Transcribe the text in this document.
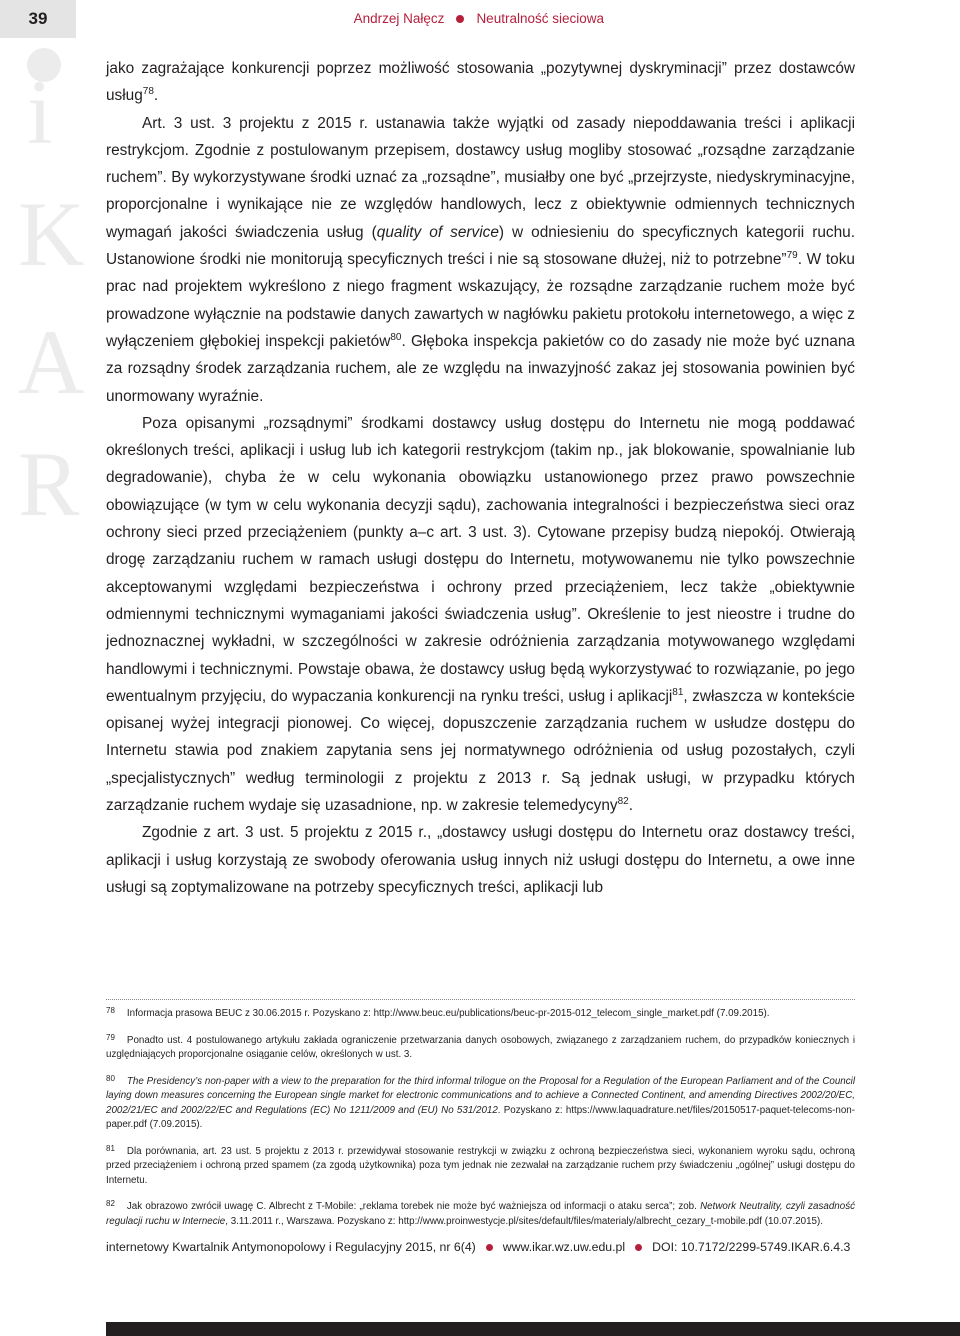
39	Andrzej Nałęcz Neutralność sieciowa
i
K
A
R

jako zagrażające konkurencji poprzez możliwość stosowania „pozytywnej dyskryminacji” przez dostawców usług$^{78}$.

Art. 3 ust. 3 projektu z 2015 r. ustanawia także wyjątki od zasady niepoddawania treści i aplikacji restrykcjom. Zgodnie z postulowanym przepisem, dostawcy usług mogliby stosować „rozsądne zarządzanie ruchem”. By wykorzystywane środki uznać za „rozsądne”, musiałby one być „przejrzyste, niedyskryminacyjne, proporcjonalne i wynikające nie ze względów handlowych, lecz z obiektywnie odmiennych technicznych wymagań jakości świadczenia usług (quality of service) w odniesieniu do specyficznych kategorii ruchu. Ustanowione środki nie monitorują specyficznych treści i nie są stosowane dłużej, niż to potrzebne”$^{79}$. W toku prac nad projektem wykreślono z niego fragment wskazujący, że rozsądne zarządzanie ruchem może być prowadzone wyłącznie na podstawie danych zawartych w nagłówku pakietu protokołu internetowego, a więc z wyłączeniem głębokiej inspekcji pakietów$^{80}$. Głęboka inspekcja pakietów co do zasady nie może być uznana za rozsądny środek zarządzania ruchem, ale ze względu na inwazyjność zakaz jej stosowania powinien być unormowany wyraźnie.

Poza opisanymi „rozsądnymi” środkami dostawcy usług dostępu do Internetu nie mogą poddawać określonych treści, aplikacji i usług lub ich kategorii restrykcjom (takim np., jak blokowanie, spowalnianie lub degradowanie), chyba że w celu wykonania obowiązku ustanowionego przez prawo powszechnie obowiązujące (w tym w celu wykonania decyzji sądu), zachowania integralności i bezpieczeństwa sieci oraz ochrony sieci przed przeciążeniem (punkty a–c art. 3 ust. 3). Cytowane przepisy budzą niepokój. Otwierają drogę zarządzaniu ruchem w ramach usługi dostępu do Internetu, motywowanemu nie tylko powszechnie akceptowanymi względami bezpieczeństwa i ochrony przed przeciążeniem, lecz także „obiektywnie odmiennymi technicznymi wymaganiami jakości świadczenia usług”. Określenie to jest nieostre i trudne do jednoznacznej wykładni, w szczególności w zakresie odróżnienia zarządzania motywowanego względami handlowymi i technicznymi. Powstaje obawa, że dostawcy usług będą wykorzystywać to rozwiązanie, po jego ewentualnym przyjęciu, do wypaczania konkurencji na rynku treści, usług i aplikacji$^{81}$, zwłaszcza w kontekście opisanej wyżej integracji pionowej. Co więcej, dopuszczenie zarządzania ruchem w usłudze dostępu do Internetu stawia pod znakiem zapytania sens jej normatywnego odróżnienia od usług pozostałych, czyli „specjalistycznych” według terminologii z projektu z 2013 r. Są jednak usługi, w przypadku których zarządzanie ruchem wydaje się uzasadnione, np. w zakresie telemedycyny$^{82}$.

Zgodnie z art. 3 ust. 5 projektu z 2015 r., „dostawcy usługi dostępu do Internetu oraz dostawcy treści, aplikacji i usług korzystają ze swobody oferowania usług innych niż usługi dostępu do Internetu, a owe inne usługi są zoptymalizowane na potrzeby specyficznych treści, aplikacji lub

78 Informacja prasowa BEUC z 30.06.2015 r. Pozyskano z: http://www.beuc.eu/publications/beuc-pr-2015-012_telecom_single_market.pdf (7.09.2015).

79 Ponadto ust. 4 postulowanego artykułu zakłada ograniczenie przetwarzania danych osobowych, związanego z zarządzaniem ruchem, do przypadków koniecznych i uzględniających proporcjonalne osiąganie celów, określonych w ust. 3.

80 The Presidency’s non-paper with a view to the preparation for the third informal trilogue on the Proposal for a Regulation of the European Parliament and of the Council laying down measures concerning the European single market for electronic communications and to achieve a Connected Continent, and amending Directives 2002/20/EC, 2002/21/EC and 2002/22/EC and Regulations (EC) No 1211/2009 and (EU) No 531/2012. Pozyskano z: https://www.laquadrature.net/files/20150517-paquet-telecoms-non-paper.pdf (7.09.2015).

81 Dla porównania, art. 23 ust. 5 projektu z 2013 r. przewidywał stosowanie restrykcji w związku z ochroną bezpieczeństwa sieci, wykonaniem wyroku sądu, ochroną przed przeciążeniem i ochroną przed spamem (za zgodą użytkownika) poza tym jednak nie zezwalał na zarządzanie ruchem przy świadczeniu „ogólnej” usługi dostępu do Internetu.

82 Jak obrazowo zwrócił uwagę C. Albrecht z T-Mobile: „reklama torebek nie może być ważniejsza od informacji o ataku serca”; zob. Network Neutrality, czyli zasadność regulacji ruchu w Internecie, 3.11.2011 r., Warszawa. Pozyskano z: http://www.proinwestycje.pl/sites/default/files/materialy/albrecht_cezary_t-mobile.pdf (10.07.2015).

internetowy Kwartalnik Antymonopolowy i Regulacyjny 2015, nr 6(4) www.ikar.wz.uw.edu.pl DOI: 10.7172/2299-5749.IKAR.6.4.3
